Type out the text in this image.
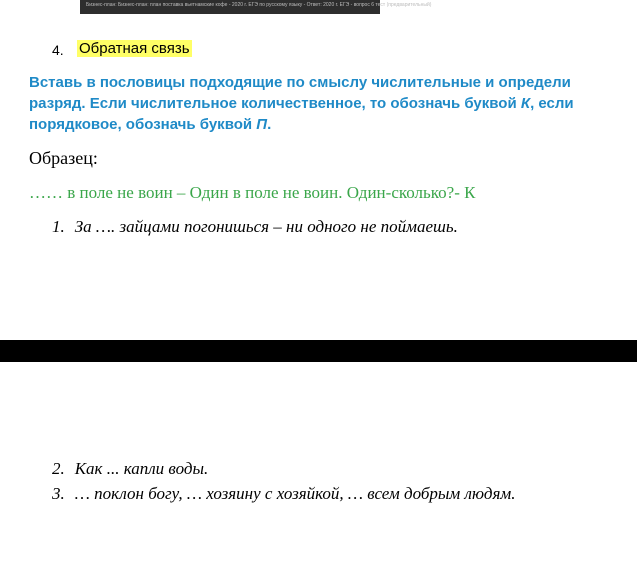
Бизнес-план: Бизнес-план: план поставка вьетнамские кофе - 2020 г. ЕГЭ по русскому языку - Ответ: 2020 г. ЕГЭ - вопрос 6 тест (предварительный)
4. Обратная связь
Вставь в пословицы подходящие по смыслу числительные и определи разряд. Если числительное количественное, то обозначь буквой К, если порядковое, обозначь буквой П.
Образец:
…… в поле не воин – Один в поле не воин. Один-сколько?- К
1. За …. зайцами погонишься – ни одного не поймаешь.
2. Как ... капли воды.
3. … поклон богу, … хозяину с хозяйкой, … всем добрым людям.
